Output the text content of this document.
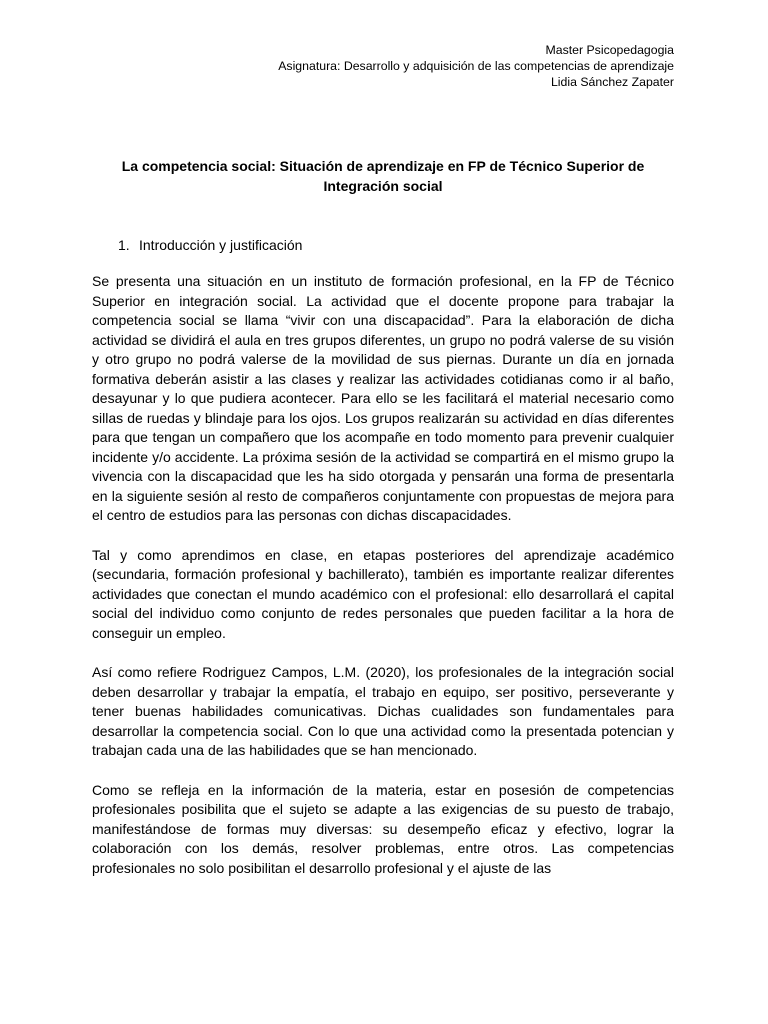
Master Psicopedagogia
Asignatura: Desarrollo y adquisición de las competencias de aprendizaje
Lidia Sánchez Zapater
La competencia social: Situación de aprendizaje en FP de Técnico Superior de
Integración social
1. Introducción y justificación

Se presenta una situación en un instituto de formación profesional, en la FP de Técnico Superior en integración social. La actividad que el docente propone para trabajar la competencia social se llama “vivir con una discapacidad”. Para la elaboración de dicha actividad se dividirá el aula en tres grupos diferentes, un grupo no podrá valerse de su visión y otro grupo no podrá valerse de la movilidad de sus piernas. Durante un día en jornada formativa deberán asistir a las clases y realizar las actividades cotidianas como ir al baño, desayunar y lo que pudiera acontecer. Para ello se les facilitará el material necesario como sillas de ruedas y blindaje para los ojos. Los grupos realizarán su actividad en días diferentes para que tengan un compañero que los acompañe en todo momento para prevenir cualquier incidente y/o accidente. La próxima sesión de la actividad se compartirá en el mismo grupo la vivencia con la discapacidad que les ha sido otorgada y pensarán una forma de presentarla en la siguiente sesión al resto de compañeros conjuntamente con propuestas de mejora para el centro de estudios para las personas con dichas discapacidades.

Tal y como aprendimos en clase, en etapas posteriores del aprendizaje académico (secundaria, formación profesional y bachillerato), también es importante realizar diferentes actividades que conectan el mundo académico con el profesional: ello desarrollará el capital social del individuo como conjunto de redes personales que pueden facilitar a la hora de conseguir un empleo.

Así como refiere Rodriguez Campos, L.M. (2020), los profesionales de la integración social deben desarrollar y trabajar la empatía, el trabajo en equipo, ser positivo, perseverante y tener buenas habilidades comunicativas. Dichas cualidades son fundamentales para desarrollar la competencia social. Con lo que una actividad como la presentada potencian y trabajan cada una de las habilidades que se han mencionado.

Como se refleja en la información de la materia, estar en posesión de competencias profesionales posibilita que el sujeto se adapte a las exigencias de su puesto de trabajo, manifestándose de formas muy diversas: su desempeño eficaz y efectivo, lograr la colaboración con los demás, resolver problemas, entre otros. Las competencias profesionales no solo posibilitan el desarrollo profesional y el ajuste de las
